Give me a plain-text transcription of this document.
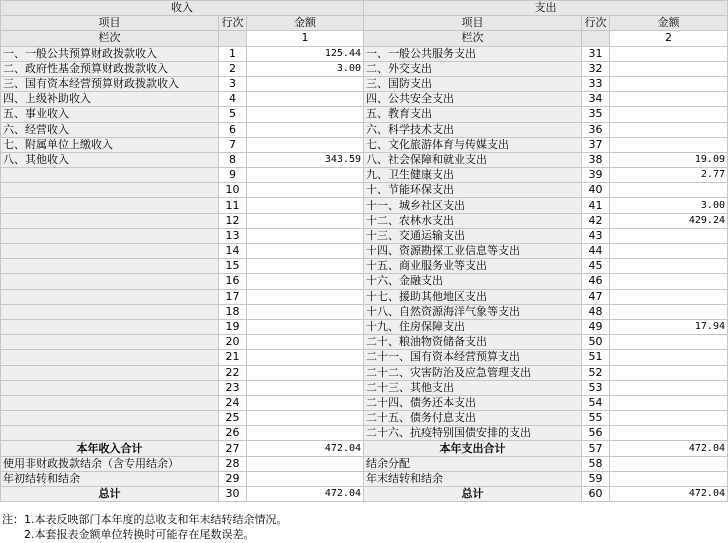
收入			支出		
项目	行次	金额	项目	行次	金额
栏次		1	栏次		2
一、一般公共预算财政拨款收入	1	125.44	一、一般公共服务支出	31	
二、政府性基金预算财政拨款收入	2	3.00	二、外交支出	32	
三、国有资本经营预算财政拨款收入	3		三、国防支出	33	
四、上级补助收入	4		四、公共安全支出	34	
五、事业收入	5		五、教育支出	35	
六、经营收入	6		六、科学技术支出	36	
七、附属单位上缴收入	7		七、文化旅游体育与传媒支出	37	
八、其他收入	8	343.59	八、社会保障和就业支出	38	19.09
	9		九、卫生健康支出	39	2.77
	10		十、节能环保支出	40	
	11		十一、城乡社区支出	41	3.00
	12		十二、农林水支出	42	429.24
	13		十三、交通运输支出	43	
	14		十四、资源勘探工业信息等支出	44	
	15		十五、商业服务业等支出	45	
	16		十六、金融支出	46	
	17		十七、援助其他地区支出	47	
	18		十八、自然资源海洋气象等支出	48	
	19		十九、住房保障支出	49	17.94
	20		二十、粮油物资储备支出	50	
	21		二十一、国有资本经营预算支出	51	
	22		二十二、灾害防治及应急管理支出	52	
	23		二十三、其他支出	53	
	24		二十四、债务还本支出	54	
	25		二十五、债务付息支出	55	
	26		二十六、抗疫特别国债安排的支出	56	
本年收入合计	27	472.04	本年支出合计	57	472.04
使用非财政拨款结余（含专用结余）	28		结余分配	58	
年初结转和结余	29		年末结转和结余	59	
总计	30	472.04	总计	60	472.04
注：1.本表反映部门本年度的总收支和年末结转结余情况。
2.本套报表金额单位转换时可能存在尾数误差。
